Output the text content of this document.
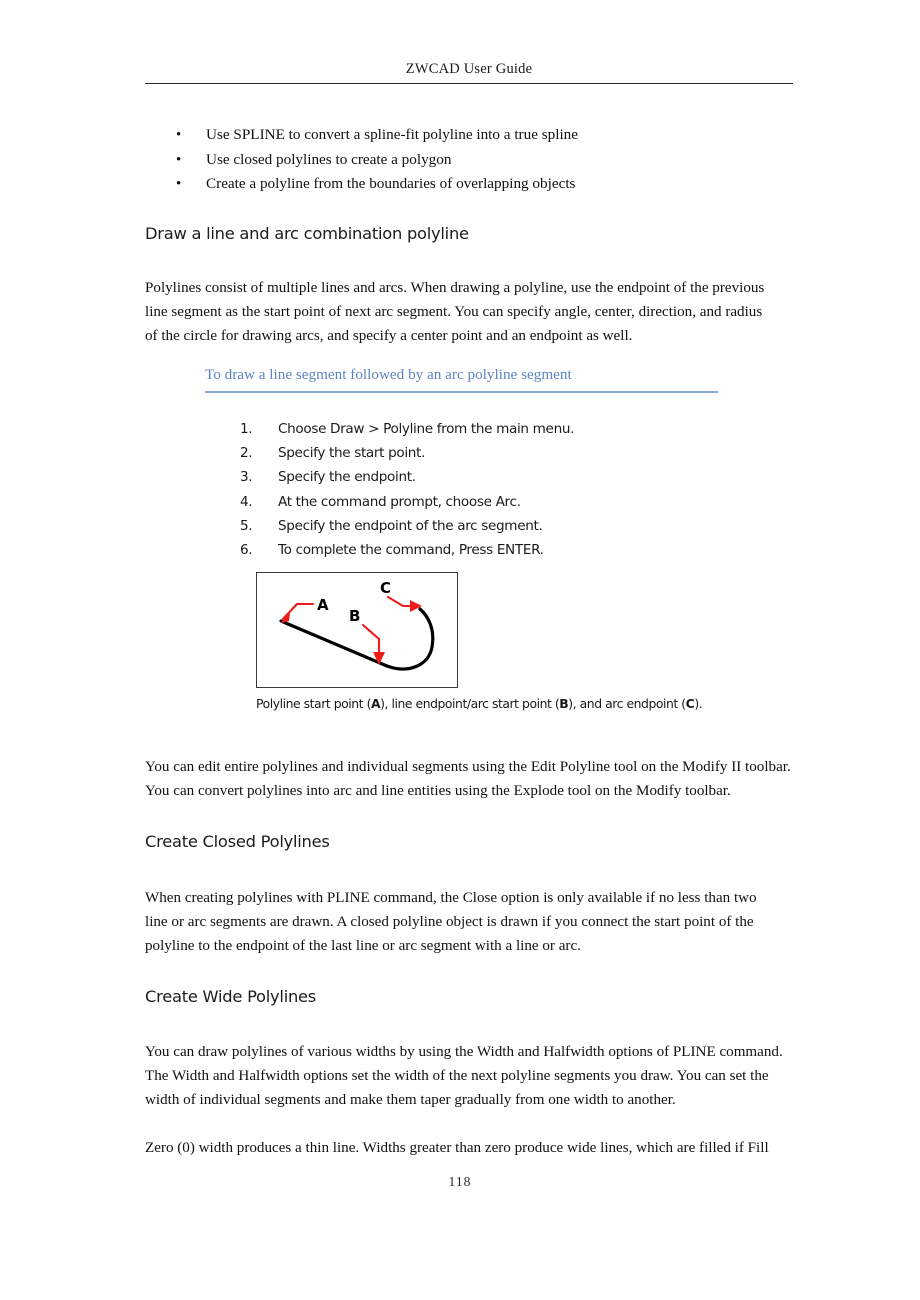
ZWCAD User Guide
• Use SPLINE to convert a spline-fit polyline into a true spline
• Use closed polylines to create a polygon
• Create a polyline from the boundaries of overlapping objects
Draw a line and arc combination polyline
Polylines consist of multiple lines and arcs. When drawing a polyline, use the endpoint of the previous
line segment as the start point of next arc segment. You can specify angle, center, direction, and radius
of the circle for drawing arcs, and specify a center point and an endpoint as well.
To draw a line segment followed by an arc polyline segment
1.	Choose Draw > Polyline from the main menu.
2.	Specify the start point.
3.	Specify the endpoint.
4.	At the command prompt, choose Arc.
5.	Specify the endpoint of the arc segment.
6.	To complete the command, Press ENTER.
A
B
C
Polyline start point (A), line endpoint/arc start point (B), and arc endpoint (C).
You can edit entire polylines and individual segments using the Edit Polyline tool on the Modify II toolbar.
You can convert polylines into arc and line entities using the Explode tool on the Modify toolbar.
Create Closed Polylines
When creating polylines with PLINE command, the Close option is only available if no less than two
line or arc segments are drawn. A closed polyline object is drawn if you connect the start point of the
polyline to the endpoint of the last line or arc segment with a line or arc.
Create Wide Polylines
You can draw polylines of various widths by using the Width and Halfwidth options of PLINE command.
The Width and Halfwidth options set the width of the next polyline segments you draw. You can set the
width of individual segments and make them taper gradually from one width to another.
Zero (0) width produces a thin line. Widths greater than zero produce wide lines, which are filled if Fill
118
